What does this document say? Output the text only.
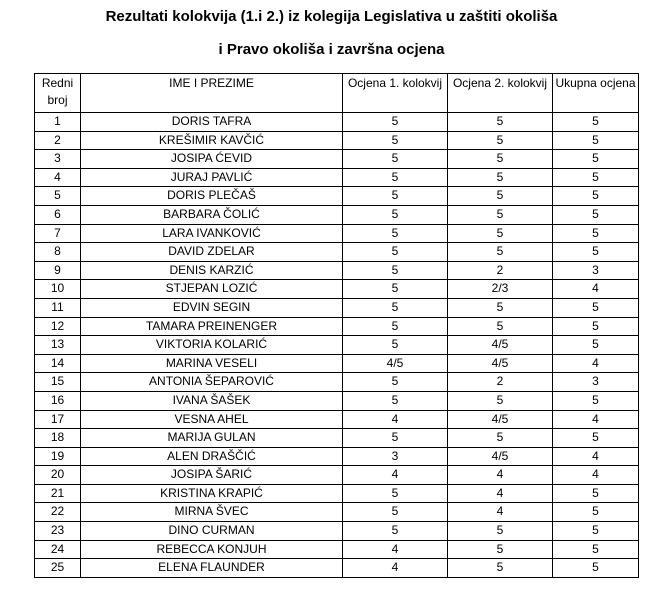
Rezultati kolokvija (1.i 2.) iz kolegija Legislativa u zaštiti okoliša
i Pravo okoliša i završna ocjena
Redni broj	IME I PREZIME	Ocjena 1. kolokvij	Ocjena 2. kolokvij	Ukupna ocjena
1	DORIS TAFRA	5	5	5
2	KREŠIMIR KAVČIĆ	5	5	5
3	JOSIPA ĆEVID	5	5	5
4	JURAJ PAVLIĆ	5	5	5
5	DORIS PLEČAŠ	5	5	5
6	BARBARA ČOLIĆ	5	5	5
7	LARA IVANKOVIĆ	5	5	5
8	DAVID ZDELAR	5	5	5
9	DENIS KARZIĆ	5	2	3
10	STJEPAN LOZIĆ	5	2/3	4
11	EDVIN SEGIN	5	5	5
12	TAMARA PREINENGER	5	5	5
13	VIKTORIA KOLARIĆ	5	4/5	5
14	MARINA VESELI	4/5	4/5	4
15	ANTONIA ŠEPAROVIĆ	5	2	3
16	IVANA ŠAŠEK	5	5	5
17	VESNA AHEL	4	4/5	4
18	MARIJA GULAN	5	5	5
19	ALEN DRAŠČIĆ	3	4/5	4
20	JOSIPA ŠARIĆ	4	4	4
21	KRISTINA KRAPIĆ	5	4	5
22	MIRNA ŠVEC	5	4	5
23	DINO CURMAN	5	5	5
24	REBECCA KONJUH	4	5	5
25	ELENA FLAUNDER	4	5	5
